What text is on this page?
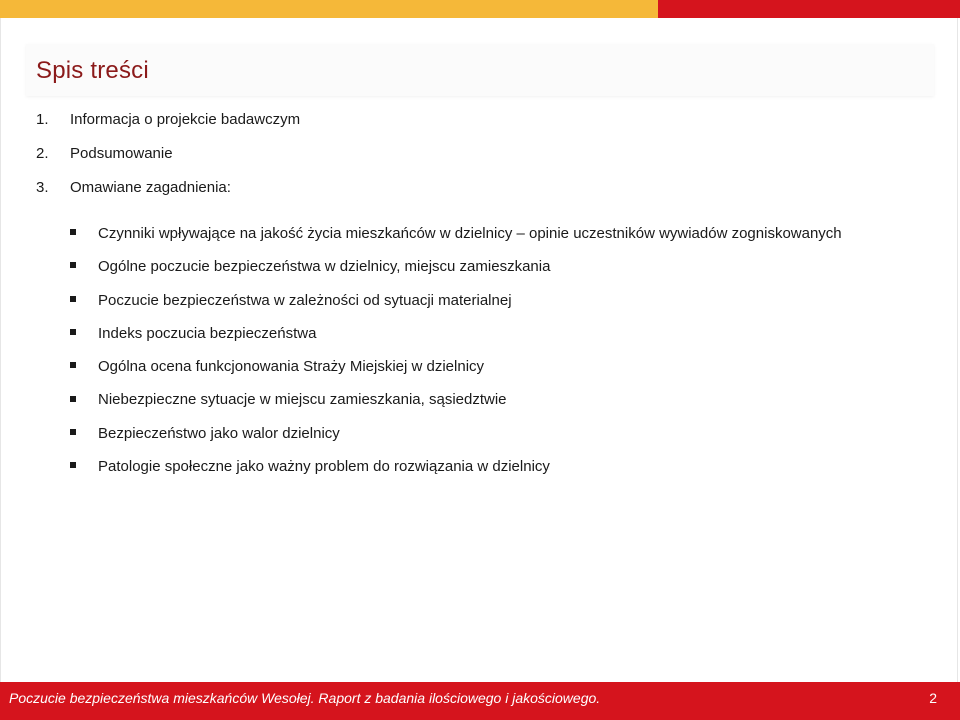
Spis treści
1. Informacja o projekcie badawczym
2. Podsumowanie
3. Omawiane zagadnienia:
Czynniki wpływające na jakość życia mieszkańców w dzielnicy – opinie uczestników wywiadów zogniskowanych
Ogólne poczucie bezpieczeństwa w dzielnicy, miejscu zamieszkania
Poczucie bezpieczeństwa w zależności od sytuacji materialnej
Indeks poczucia bezpieczeństwa
Ogólna ocena funkcjonowania Straży Miejskiej w dzielnicy
Niebezpieczne sytuacje w miejscu zamieszkania, sąsiedztwie
Bezpieczeństwo jako walor dzielnicy
Patologie społeczne jako ważny problem do rozwiązania w dzielnicy
Poczucie bezpieczeństwa mieszkańców Wesołej. Raport z badania ilościowego i jakościowego.	2
